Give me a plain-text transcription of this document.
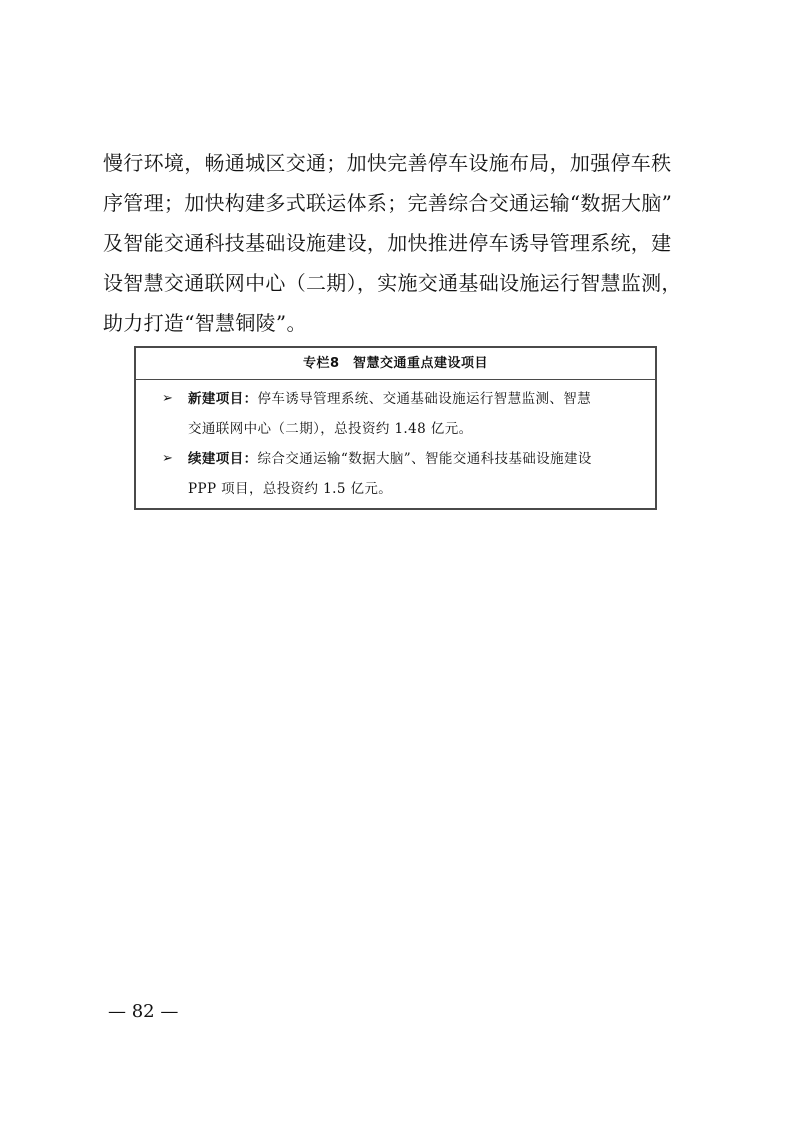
慢行环境，畅通城区交通；加快完善停车设施布局，加强停车秩
序管理；加快构建多式联运体系；完善综合交通运输“数据大脑”
及智能交通科技基础设施建设，加快推进停车诱导管理系统，建
设智慧交通联网中心（二期），实施交通基础设施运行智慧监测，
助力打造“智慧铜陵”。
专栏8　智慧交通重点建设项目
➢ 新建项目：停车诱导管理系统、交通基础设施运行智慧监测、智慧
交通联网中心（二期），总投资约 1.48 亿元。
➢ 续建项目：综合交通运输“数据大脑”、智能交通科技基础设施建设
PPP 项目，总投资约 1.5 亿元。
— 82 —
